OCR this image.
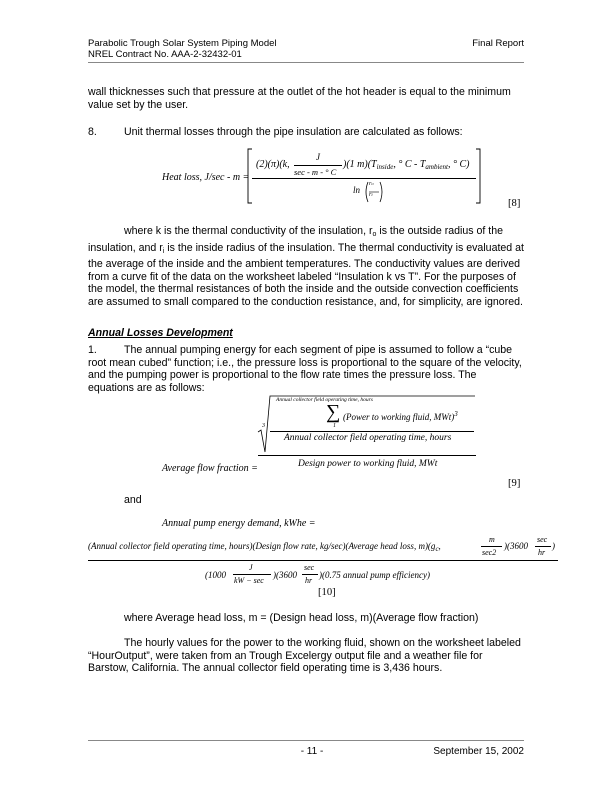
Parabolic Trough Solar System Piping Model
NREL Contract No. AAA-2-32432-01
Final Report
wall thicknesses such that pressure at the outlet of the hot header is equal to the minimum value set by the user.
8.	Unit thermal losses through the pipe insulation are calculated as follows:
Heat loss, J/sec - m =
(2)(π)(k,
J
sec - m - ° C
)(1 $m)(T_{inside}$, ° C - $T_{ambient}$, ° C)
ln
ro
ri
[8]
where k is the thermal conductivity of the insulation, $r_o$ is the outside radius of the insulation, and $r_i$ is the inside radius of the insulation. The thermal conductivity is evaluated at the average of the inside and the ambient temperatures. The conductivity values are derived from a curve fit of the data on the worksheet labeled “Insulation k vs T”. For the purposes of the model, the thermal resistances of both the inside and the outside convection coefficients are assumed to small compared to the conduction resistance, and, for simplicity, are ignored.
Annual Losses Development
1.	The annual pumping energy for each segment of pipe is assumed to follow a “cube root mean cubed” function; i.e., the pressure loss is proportional to the square of the velocity, and the pumping power is proportional to the flow rate times the pressure loss. The equations are as follows:
Average flow fraction =
3
Annual collector field operating time, hours
∑
1
(Power to working fluid, MWt)$^3$
Annual collector field operating time, hours
Design power to working fluid, MWt
[9]
and
Annual pump energy demand, kWhe =
(Annual collector field operating time, hours)(Design flow rate, kg/sec)(Average head loss, $m)(g_c$,
m
sec2
)(3600
sec
hr
)
(1000
J
kW − sec
)(3600
sec
hr
)(0.75 annual pump efficiency)
[10]
where Average head loss, m = (Design head loss, m)(Average flow fraction)
The hourly values for the power to the working fluid, shown on the worksheet labeled “HourOutput”, were taken from an Trough Excelergy output file and a weather file for Barstow, California. The annual collector field operating time is 3,436 hours.
- 11 -	September 15, 2002
